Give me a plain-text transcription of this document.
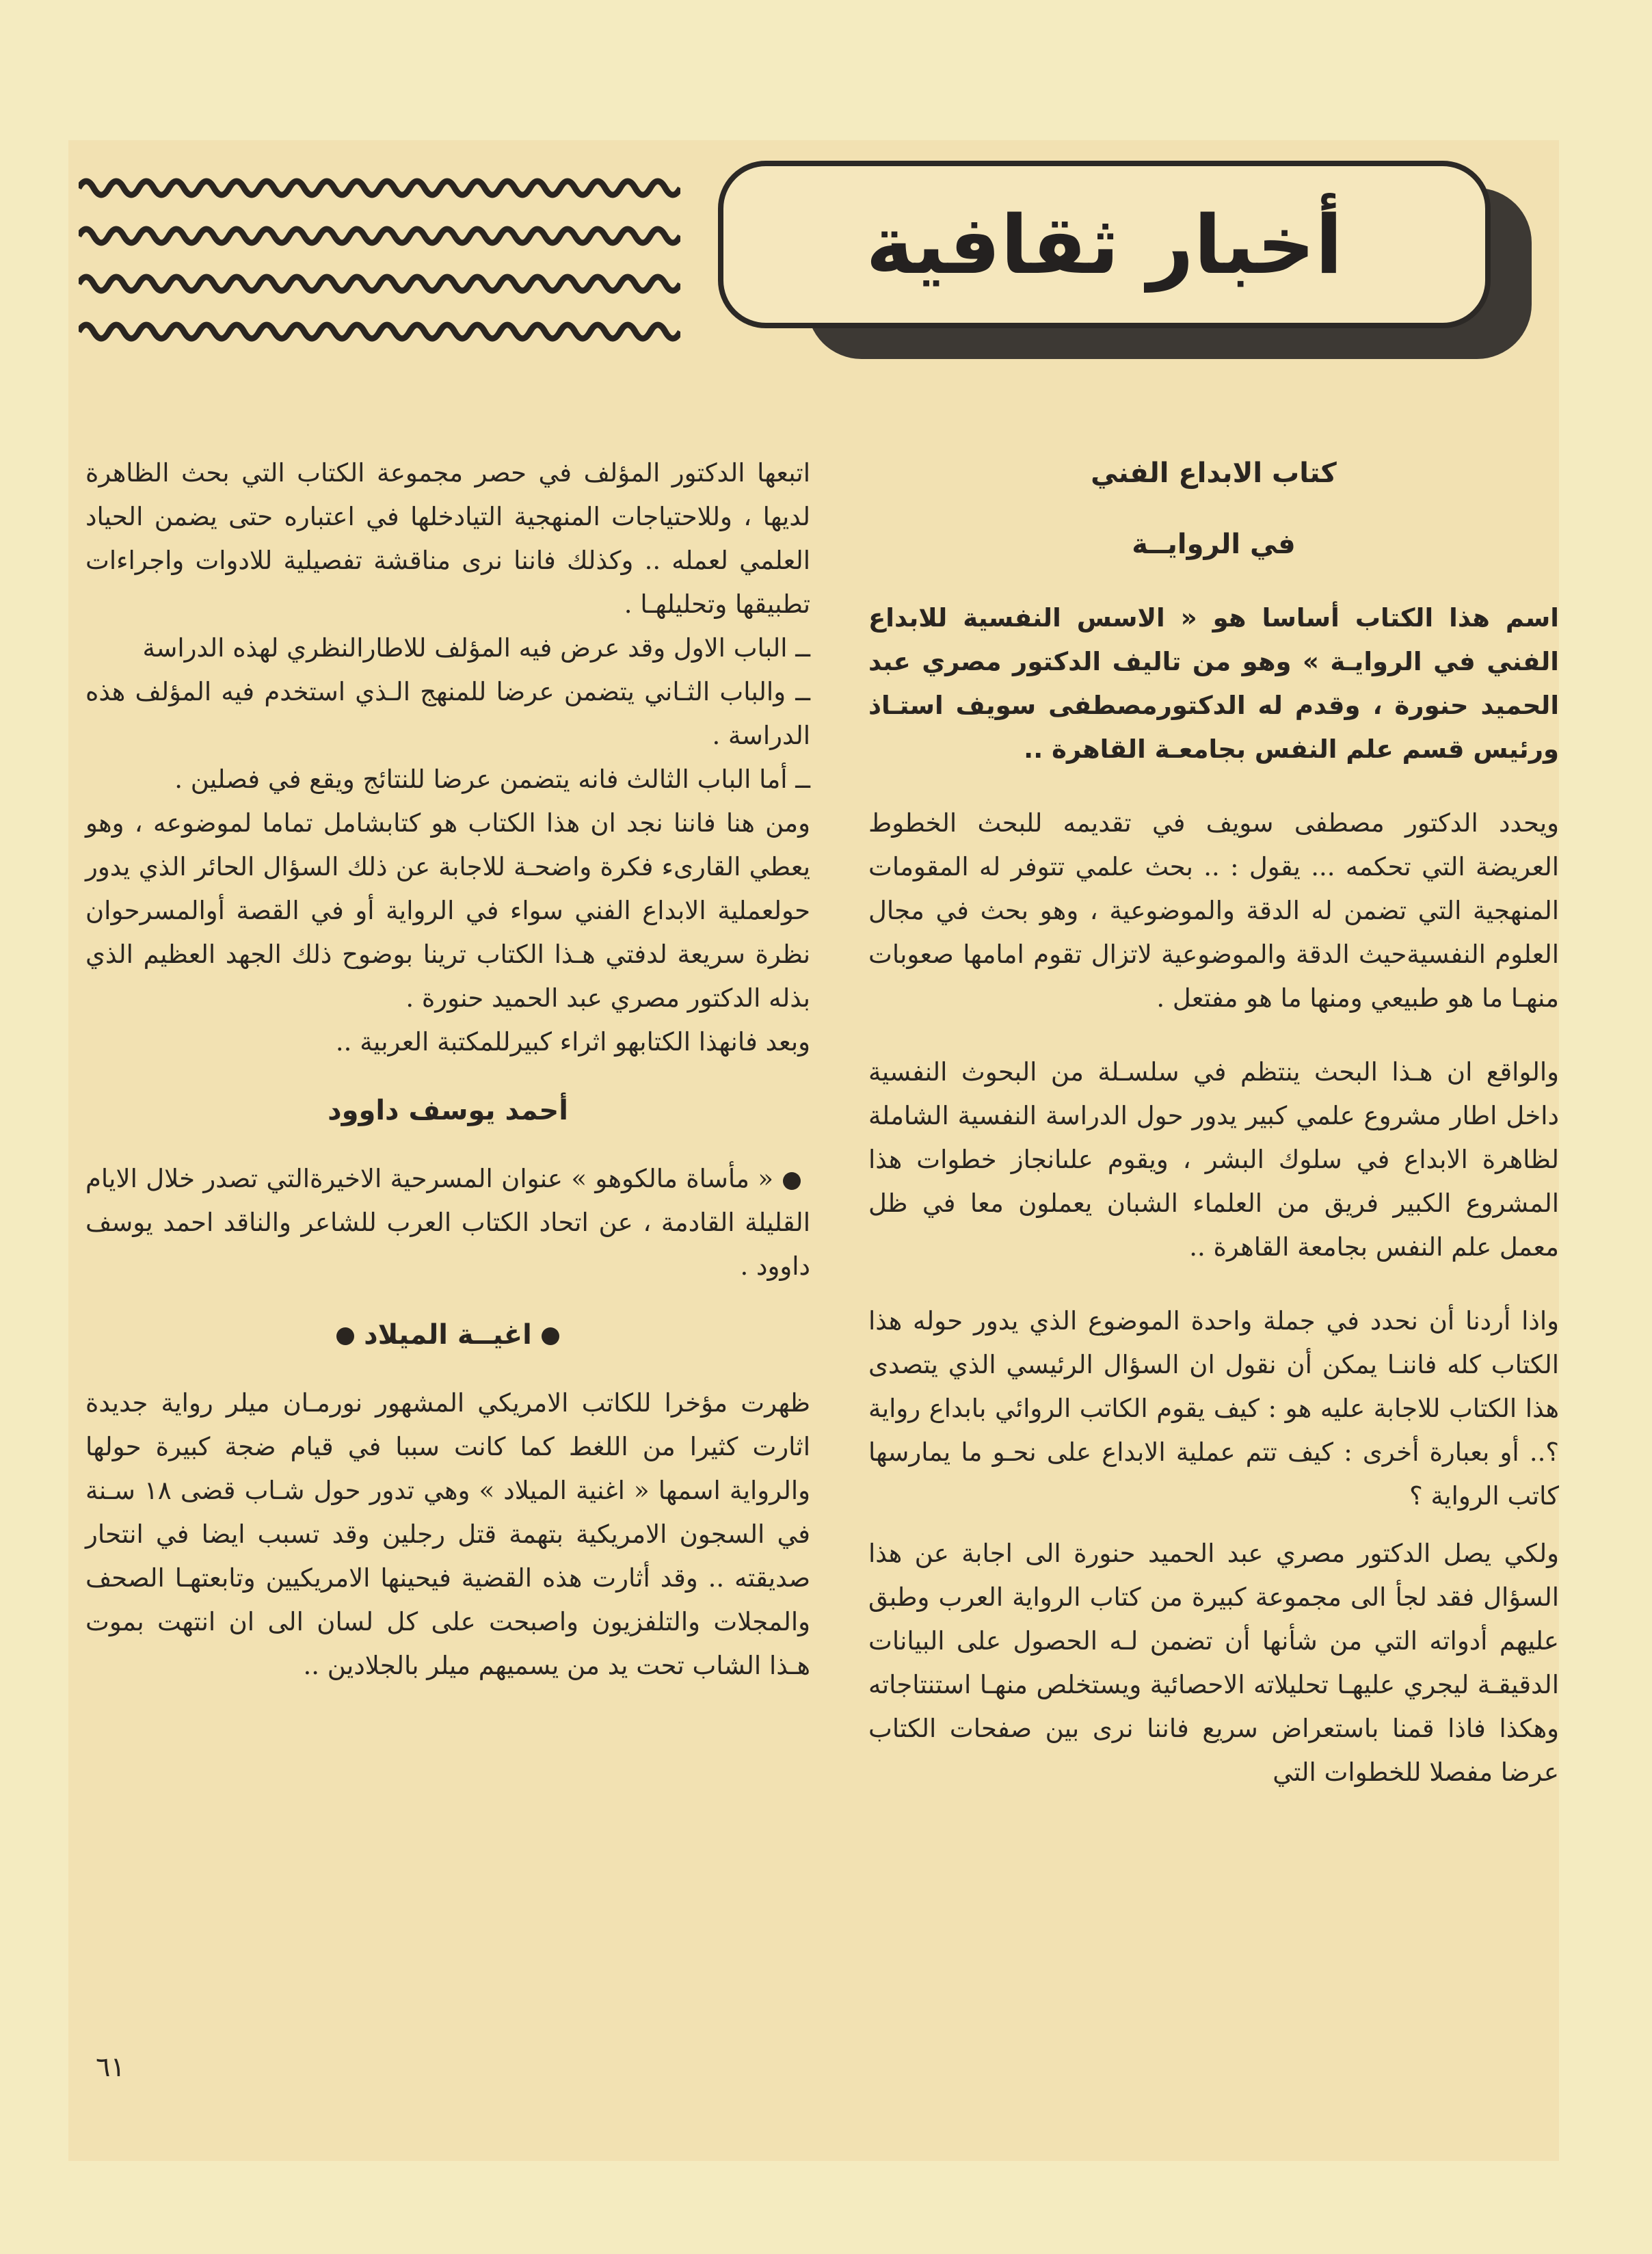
أخبار ثقافية

كتاب الابداع الفني

في الروايــة

اسم هذا الكتاب أساسا هو « الاسس النفسية للابداع الفني في الروايـة » وهو من تاليف الدكتور مصري عبد الحميد حنورة ، وقدم له الدكتورمصطفى سويف استـاذ ورئيس قسم علم النفس بجامعـة القاهرة ..

ويحدد الدكتور مصطفى سويف في تقديمه للبحث الخطوط العريضة التي تحكمه ... يقول : .. بحث علمي تتوفر له المقومات المنهجية التي تضمن له الدقة والموضوعية ، وهو بحث في مجال العلوم النفسيةحيث الدقة والموضوعية لاتزال تقوم امامها صعوبات منهـا ما هو طبيعي ومنها ما هو مفتعل .

والواقع ان هـذا البحث ينتظم في سلسـلة من البحوث النفسية داخل اطار مشروع علمي كبير يدور حول الدراسة النفسية الشاملة لظاهرة الابداع في سلوك البشر ، ويقوم علىانجاز خطوات هذا المشروع الكبير فريق من العلماء الشبان يعملون معا في ظل معمل علم النفس بجامعة القاهرة ..

واذا أردنا أن نحدد في جملة واحدة الموضوع الذي يدور حوله هذا الكتاب كله فاننـا يمكن أن نقول ان السؤال الرئيسي الذي يتصدى هذا الكتاب للاجابة عليه هو : كيف يقوم الكاتب الروائي بابداع رواية ؟.. أو بعبارة أخرى : كيف تتم عملية الابداع على نحـو ما يمارسها كاتب الرواية ؟

ولكي يصل الدكتور مصري عبد الحميد حنورة الى اجابة عن هذا السؤال فقد لجأ الى مجموعة كبيرة من كتاب الرواية العرب وطبق عليهم أدواته التي من شأنها أن تضمن لـه الحصول على البيانات الدقيقـة ليجري عليهـا تحليلاته الاحصائية ويستخلص منهـا استنتاجاته وهكذا فاذا قمنا باستعراض سريع فاننا نرى بين صفحات الكتاب عرضا مفصلا للخطوات التي

اتبعها الدكتور المؤلف في حصر مجموعة الكتاب التي بحث الظاهرة لديها ، وللاحتياجات المنهجية التيادخلها في اعتباره حتى يضمن الحياد العلمي لعمله .. وكذلك فاننا نرى مناقشة تفصيلية للادوات واجراءات تطبيقها وتحليلهـا .

ــ الباب الاول وقد عرض فيه المؤلف للاطارالنظري لهذه الدراسة

ــ والباب الثـاني يتضمن عرضا للمنهج الـذي استخدم فيه المؤلف هذه الدراسة .

ــ أما الباب الثالث فانه يتضمن عرضا للنتائج ويقع في فصلين .

ومن هنا فاننا نجد ان هذا الكتاب هو كتابشامل تماما لموضوعه ، وهو يعطي القارىء فكرة واضحـة للاجابة عن ذلك السؤال الحائر الذي يدور حولعملية الابداع الفني سواء في الرواية أو في القصة أوالمسرحوان نظرة سريعة لدفتي هـذا الكتاب ترينا بوضوح ذلك الجهد العظيم الذي بذله الدكتور مصري عبد الحميد حنورة .

وبعد فانهذا الكتابهو اثراء كبيرللمكتبة العربية ..

أحمد يوسف داوود

« مأساة مالكوهو » عنوان المسرحية الاخيرةالتي تصدر خلال الايام القليلة القادمة ، عن اتحاد الكتاب العرب للشاعر والناقد احمد يوسف داوود .

اغيــة الميلاد

ظهرت مؤخرا للكاتب الامريكي المشهور نورمـان ميلر رواية جديدة اثارت كثيرا من اللغط كما كانت سببا في قيام ضجة كبيرة حولها والرواية اسمها « اغنية الميلاد » وهي تدور حول شـاب قضى ١٨ سـنة في السجون الامريكية بتهمة قتل رجلين وقد تسبب ايضا في انتحار صديقته .. وقد أثارت هذه القضية فيحينها الامريكيين وتابعتهـا الصحف والمجلات والتلفزيون واصبحت على كل لسان الى ان انتهت بموت هـذا الشاب تحت يد من يسميهم ميلر بالجلادين ..

٦١
